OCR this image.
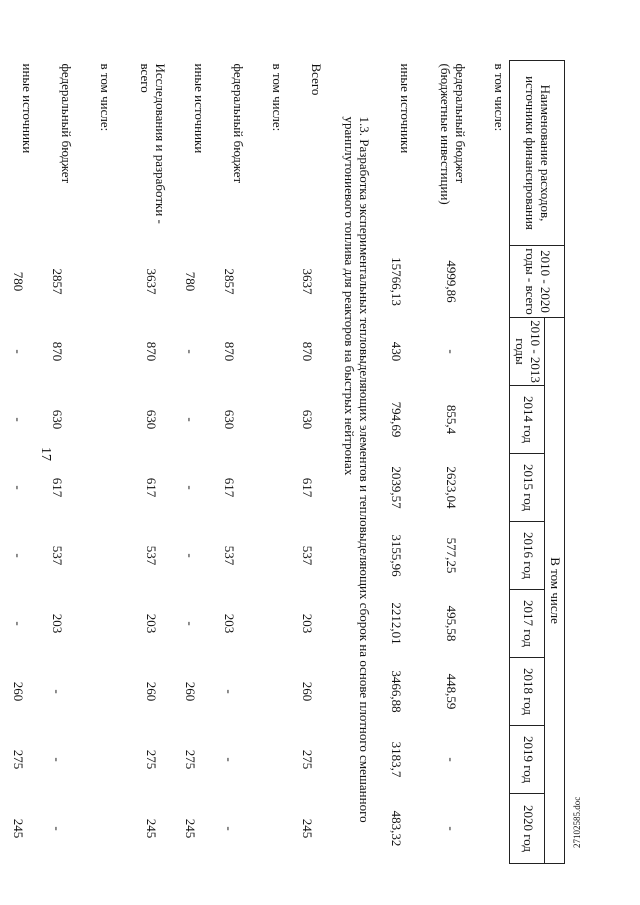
17
27102585.doc
Наименование расходов, источники финансирования	2010 - 2020 годы - всего	В том числе							
		2010 - 2013 годы	2014 год	2015 год	2016 год	2017 год	2018 год	2019 год	2020 год
в том числе:									
федеральный бюджет (бюджетные инвестиции)	4999,86	-	855,4	2623,04	577,25	495,58	448,59	-	-
иные источники	15766,13	430	794,69	2039,57	3155,96	2212,01	3466,88	3183,7	483,32
1.3. Разработка экспериментальных тепловыделяющих элементов и тепловыделяющих сборок на основе плотного смешанного уранплутониевого топлива для реакторов на быстрых нейтронах									
Всего	3637	870	630	617	537	203	260	275	245
в том числе:									
федеральный бюджет	2857	870	630	617	537	203	-	-	-
иные источники	780	-	-	-	-	-	260	275	245
Исследования и разработки - всего	3637	870	630	617	537	203	260	275	245
в том числе:									
федеральный бюджет	2857	870	630	617	537	203	-	-	-
иные источники	780	-	-	-	-	-	260	275	245
